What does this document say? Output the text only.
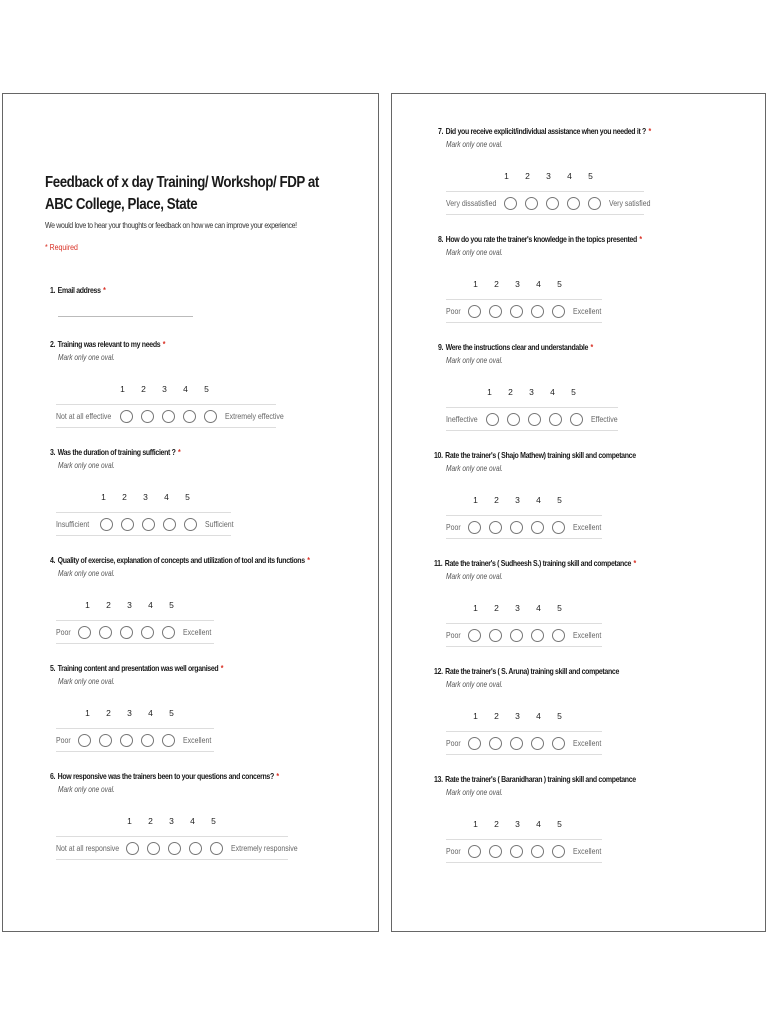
Feedback of x day Training/ Workshop/ FDP at ABC College, Place, State
We would love to hear your thoughts or feedback on how we can improve your experience!
* Required
1. Email address *
2. Training was relevant to my needs *
Mark only one oval.
1	2	3	4	5
Not at all effective	Extremely effective
3. Was the duration of training sufficient ? *
Mark only one oval.
1	2	3	4	5
Insufficient	Sufficient
4. Quality of exercise, explanation of concepts and utilization of tool and its functions *
Mark only one oval.
1	2	3	4	5
Poor	Excellent
5. Training content and presentation was well organised *
Mark only one oval.
1	2	3	4	5
Poor	Excellent
6. How responsive was the trainers been to your questions and concerns? *
Mark only one oval.
1	2	3	4	5
Not at all responsive	Extremely responsive
7. Did you receive explicit/individual assistance when you needed it ? *
Mark only one oval.
1	2	3	4	5
Very dissatisfied	Very satisfied
8. How do you rate the trainer's knowledge in the topics presented *
Mark only one oval.
1	2	3	4	5
Poor	Excellent
9. Were the instructions clear and understandable *
Mark only one oval.
1	2	3	4	5
Ineffective	Effective
10. Rate the trainer's ( Shajo Mathew) training skill and competance
Mark only one oval.
1	2	3	4	5
Poor	Excellent
11. Rate the trainer's ( Sudheesh S.) training skill and competance *
Mark only one oval.
1	2	3	4	5
Poor	Excellent
12. Rate the trainer's ( S. Aruna) training skill and competance
Mark only one oval.
1	2	3	4	5
Poor	Excellent
13. Rate the trainer's ( Baranidharan ) training skill and competance
Mark only one oval.
1	2	3	4	5
Poor	Excellent
